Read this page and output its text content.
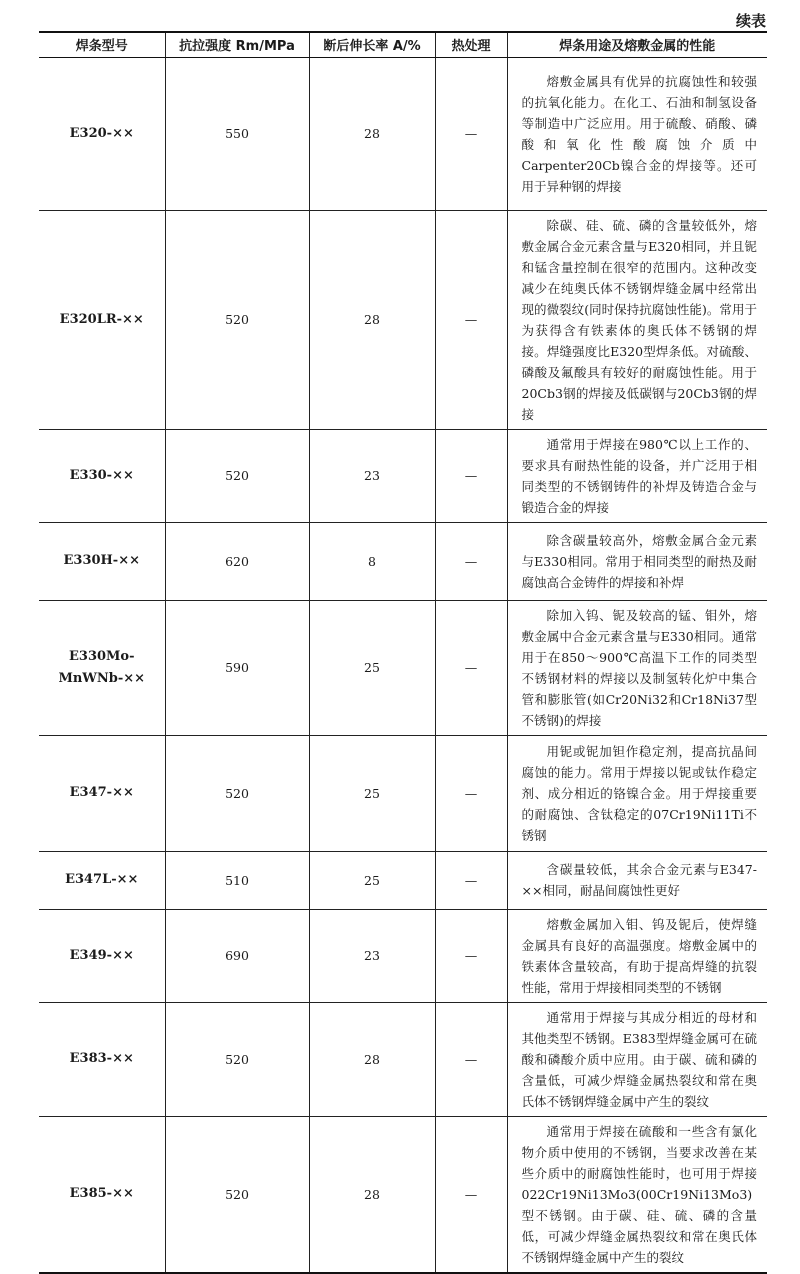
续表
焊条型号	抗拉强度 Rm/MPa	断后伸长率 A/%	热处理	焊条用途及熔敷金属的性能
E320-××	550	28	—	熔敷金属具有优异的抗腐蚀性和较强的抗氧化能力。在化工、石油和制氢设备等制造中广泛应用。用于硫酸、硝酸、磷酸和氧化性酸腐蚀介质中Carpenter20Cb镍合金的焊接等。还可用于异种钢的焊接

E320LR-××	520	28	—	除碳、硅、硫、磷的含量较低外，熔敷金属合金元素含量与E320相同，并且铌和锰含量控制在很窄的范围内。这种改变减少在纯奥氏体不锈钢焊缝金属中经常出现的微裂纹(同时保持抗腐蚀性能)。常用于为获得含有铁素体的奥氏体不锈钢的焊接。焊缝强度比E320型焊条低。对硫酸、磷酸及氟酸具有较好的耐腐蚀性能。用于20Cb3钢的焊接及低碳钢与20Cb3钢的焊接

E330-××	520	23	—	通常用于焊接在980℃以上工作的、要求具有耐热性能的设备，并广泛用于相同类型的不锈钢铸件的补焊及铸造合金与锻造合金的焊接

E330H-××	620	8	—	除含碳量较高外，熔敷金属合金元素与E330相同。常用于相同类型的耐热及耐腐蚀高合金铸件的焊接和补焊

E330Mo-MnWNb-××	590	25	—	除加入钨、铌及较高的锰、钼外，熔敷金属中合金元素含量与E330相同。通常用于在850～900℃高温下工作的同类型不锈钢材料的焊接以及制氢转化炉中集合管和膨胀管(如Cr20Ni32和Cr18Ni37型不锈钢)的焊接

E347-××	520	25	—	用铌或铌加钽作稳定剂，提高抗晶间腐蚀的能力。常用于焊接以铌或钛作稳定剂、成分相近的铬镍合金。用于焊接重要的耐腐蚀、含钛稳定的07Cr19Ni11Ti不锈钢

E347L-××	510	25	—	含碳量较低，其余合金元素与E347-××相同，耐晶间腐蚀性更好

E349-××	690	23	—	熔敷金属加入钼、钨及铌后，使焊缝金属具有良好的高温强度。熔敷金属中的铁素体含量较高，有助于提高焊缝的抗裂性能，常用于焊接相同类型的不锈钢

E383-××	520	28	—	通常用于焊接与其成分相近的母材和其他类型不锈钢。E383型焊缝金属可在硫酸和磷酸介质中应用。由于碳、硫和磷的含量低，可减少焊缝金属热裂纹和常在奥氏体不锈钢焊缝金属中产生的裂纹

E385-××	520	28	—	通常用于焊接在硫酸和一些含有氯化物介质中使用的不锈钢，当要求改善在某些介质中的耐腐蚀性能时，也可用于焊接022Cr19Ni13Mo3(00Cr19Ni13Mo3)型不锈钢。由于碳、硅、硫、磷的含量低，可减少焊缝金属热裂纹和常在奥氏体不锈钢焊缝金属中产生的裂纹
